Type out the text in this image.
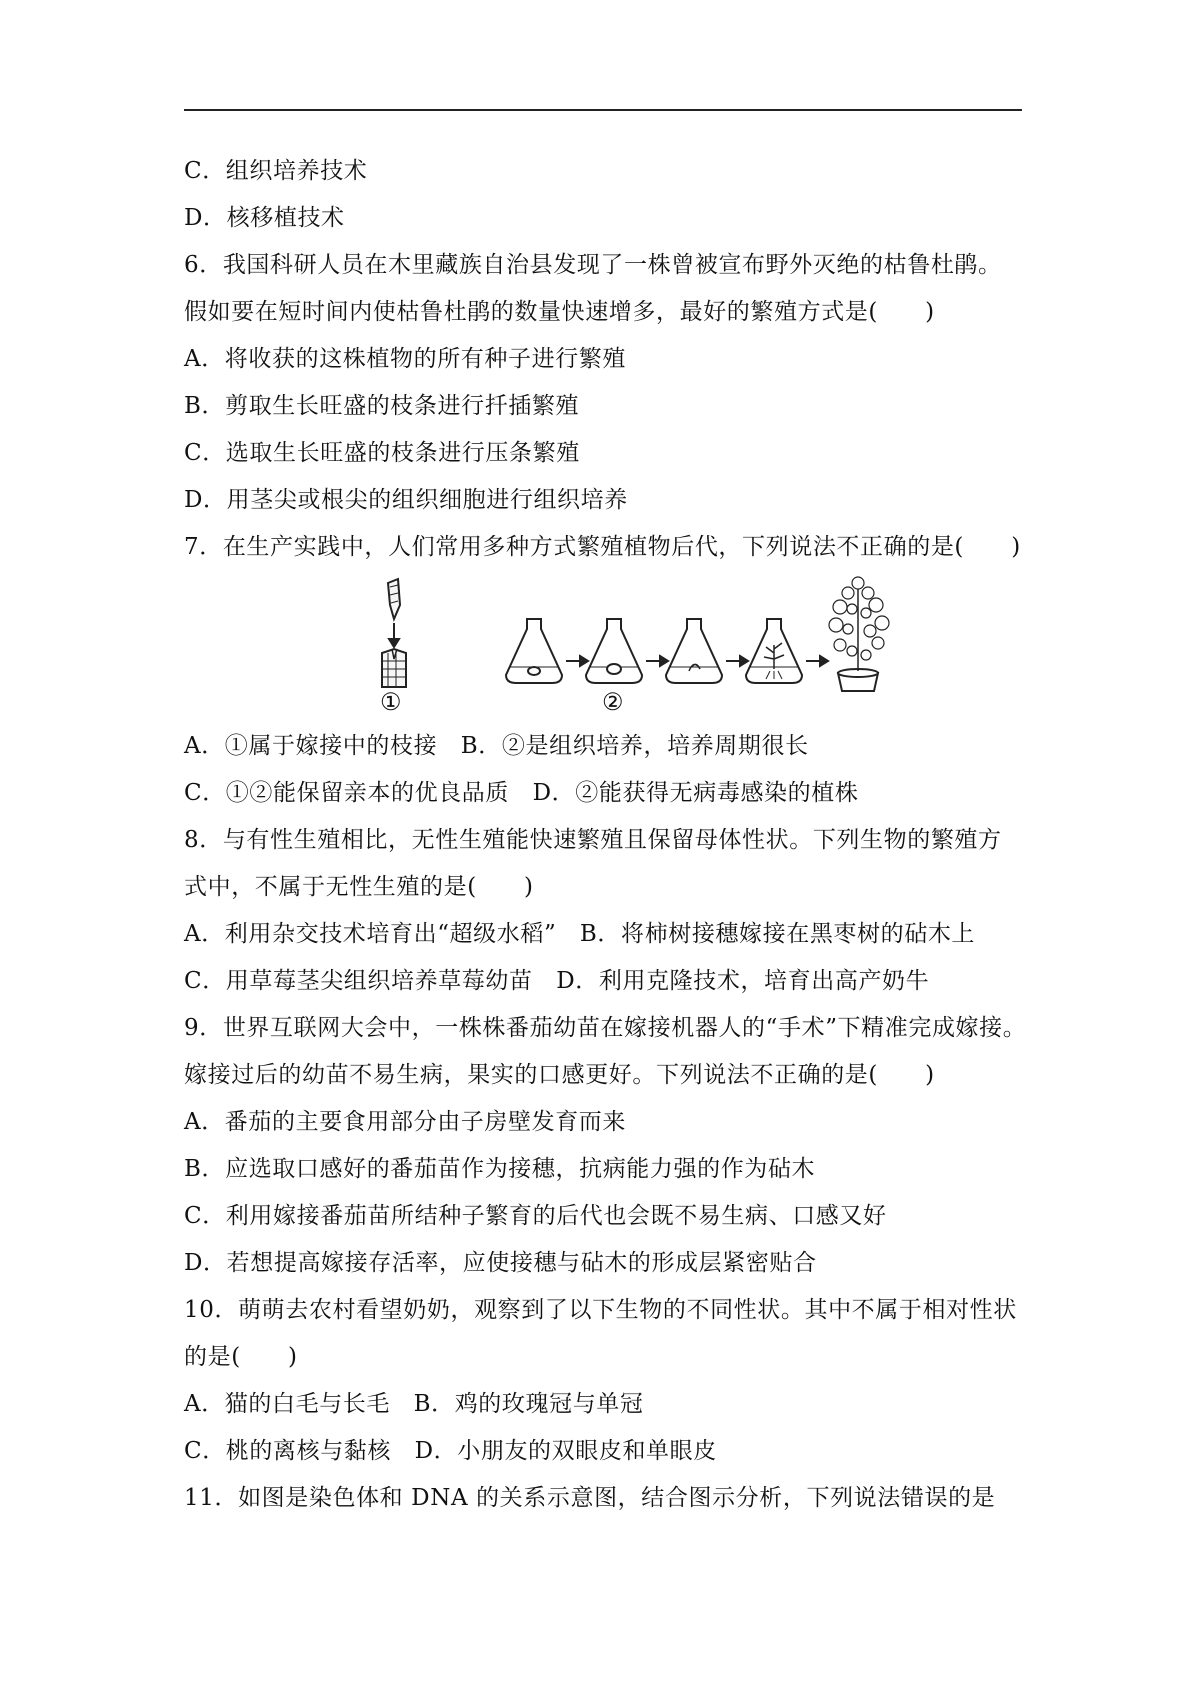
C．组织培养技术
D．核移植技术
6．我国科研人员在木里藏族自治县发现了一株曾被宣布野外灭绝的枯鲁杜鹃。
假如要在短时间内使枯鲁杜鹃的数量快速增多，最好的繁殖方式是(　　)
A．将收获的这株植物的所有种子进行繁殖
B．剪取生长旺盛的枝条进行扦插繁殖
C．选取生长旺盛的枝条进行压条繁殖
D．用茎尖或根尖的组织细胞进行组织培养
7．在生产实践中，人们常用多种方式繁殖植物后代，下列说法不正确的是(　　)
①	②
A．①属于嫁接中的枝接　B．②是组织培养，培养周期很长
C．①②能保留亲本的优良品质　D．②能获得无病毒感染的植株
8．与有性生殖相比，无性生殖能快速繁殖且保留母体性状。下列生物的繁殖方
式中，不属于无性生殖的是(　　)
A．利用杂交技术培育出“超级水稻”　B．将柿树接穗嫁接在黑枣树的砧木上
C．用草莓茎尖组织培养草莓幼苗　D．利用克隆技术，培育出高产奶牛
9．世界互联网大会中，一株株番茄幼苗在嫁接机器人的“手术”下精准完成嫁接。
嫁接过后的幼苗不易生病，果实的口感更好。下列说法不正确的是(　　)
A．番茄的主要食用部分由子房壁发育而来
B．应选取口感好的番茄苗作为接穗，抗病能力强的作为砧木
C．利用嫁接番茄苗所结种子繁育的后代也会既不易生病、口感又好
D．若想提高嫁接存活率，应使接穗与砧木的形成层紧密贴合
10．萌萌去农村看望奶奶，观察到了以下生物的不同性状。其中不属于相对性状
的是(　　)
A．猫的白毛与长毛　B．鸡的玫瑰冠与单冠
C．桃的离核与黏核　D．小朋友的双眼皮和单眼皮
11．如图是染色体和 DNA 的关系示意图，结合图示分析，下列说法错误的是
